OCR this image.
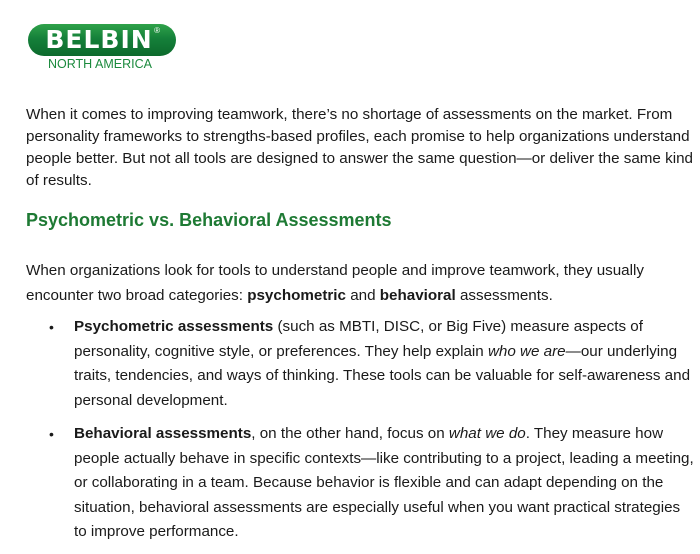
BELBIN ®
NORTH AMERICA

When it comes to improving teamwork, there’s no shortage of assessments on the market. From personality frameworks to strengths-based profiles, each promise to help organizations understand people better. But not all tools are designed to answer the same question—or deliver the same kind of results.

Psychometric vs. Behavioral Assessments

When organizations look for tools to understand people and improve teamwork, they usually encounter two broad categories: psychometric and behavioral assessments.

• Psychometric assessments (such as MBTI, DISC, or Big Five) measure aspects of personality, cognitive style, or preferences. They help explain who we are—our underlying traits, tendencies, and ways of thinking. These tools can be valuable for self-awareness and personal development.
• Behavioral assessments, on the other hand, focus on what we do. They measure how people actually behave in specific contexts—like contributing to a project, leading a meeting, or collaborating in a team. Because behavior is flexible and can adapt depending on the situation, behavioral assessments are especially useful when you want practical strategies to improve performance.
